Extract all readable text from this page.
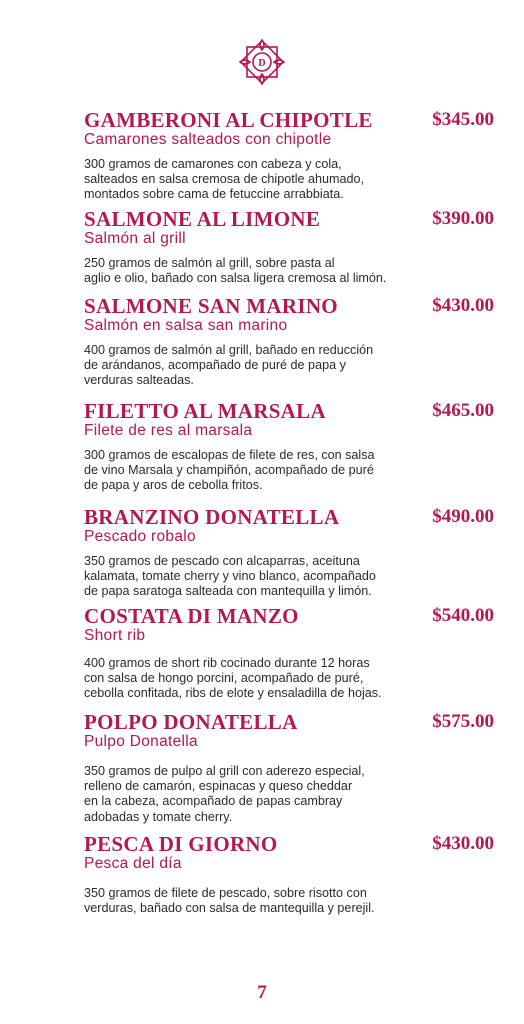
D
GAMBERONI AL CHIPOTLE	$345.00
Camarones salteados con chipotle
300 gramos de camarones con cabeza y cola,
salteados en salsa cremosa de chipotle ahumado,
montados sobre cama de fetuccine arrabbiata.
SALMONE AL LIMONE	$390.00
Salmón al grill
250 gramos de salmón al grill, sobre pasta al
aglio e olio, bañado con salsa ligera cremosa al limón.
SALMONE SAN MARINO	$430.00
Salmón en salsa san marino
400 gramos de salmón al grill, bañado en reducción
de arándanos, acompañado de puré de papa y
verduras salteadas.
FILETTO AL MARSALA	$465.00
Filete de res al marsala
300 gramos de escalopas de filete de res, con salsa
de vino Marsala y champiñón, acompañado de puré
de papa y aros de cebolla fritos.
BRANZINO DONATELLA	$490.00
Pescado robalo
350 gramos de pescado con alcaparras, aceituna
kalamata, tomate cherry y vino blanco, acompañado
de papa saratoga salteada con mantequilla y limón.
COSTATA DI MANZO	$540.00
Short rib
400 gramos de short rib cocinado durante 12 horas
con salsa de hongo porcini, acompañado de puré,
cebolla confitada, ribs de elote y ensaladilla de hojas.
POLPO DONATELLA	$575.00
Pulpo Donatella
350 gramos de pulpo al grill con aderezo especial,
relleno de camarón, espinacas y queso cheddar
en la cabeza, acompañado de papas cambray
adobadas y tomate cherry.
PESCA DI GIORNO	$430.00
Pesca del día
350 gramos de filete de pescado, sobre risotto con
verduras, bañado con salsa de mantequilla y perejil.
7
